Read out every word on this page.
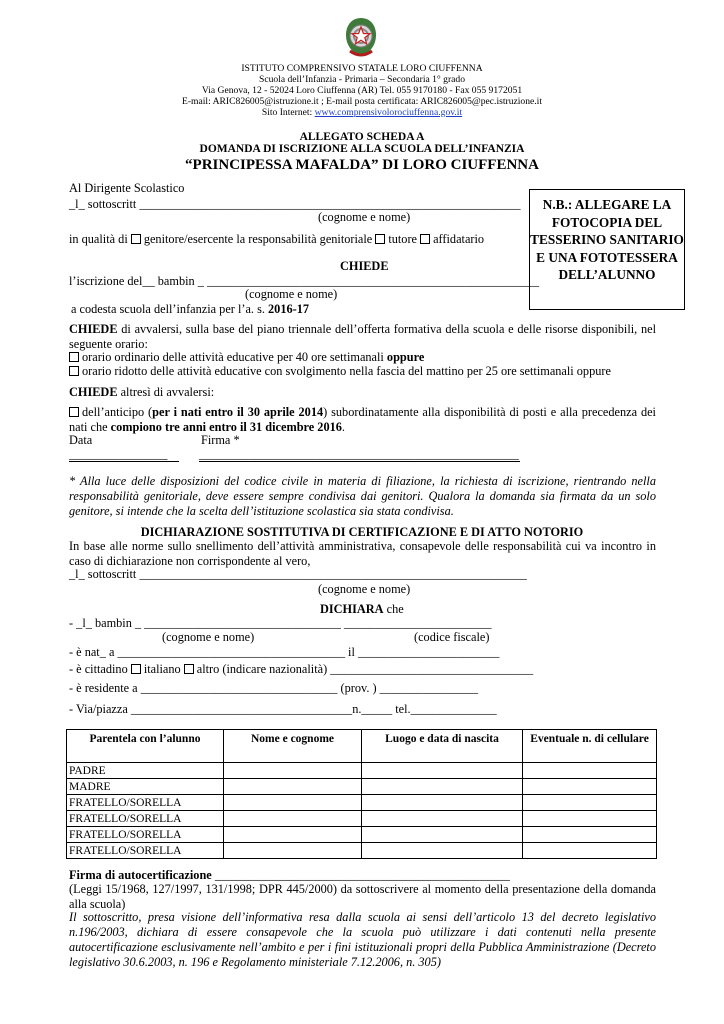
ISTITUTO COMPRENSIVO STATALE LORO CIUFFENNA
Scuola dell’Infanzia - Primaria – Secondaria 1° grado
Via Genova, 12 - 52024 Loro Ciuffenna (AR) Tel. 055 9170180 - Fax 055 9172051
E-mail: ARIC826005@istruzione.it ; E-mail posta certificata: ARIC826005@pec.istruzione.it
Sito Internet: www.comprensivolorociuffenna.gov.it
ALLEGATO SCHEDA A
DOMANDA DI ISCRIZIONE ALLA SCUOLA DELL’INFANZIA
“PRINCIPESSA MAFALDA” DI LORO CIUFFENNA
N.B.: ALLEGARE LA FOTOCOPIA DEL TESSERINO SANITARIO E UNA FOTOTESSERA DELL’ALUNNO
Al Dirigente Scolastico
_l_ sottoscritt ______________________________________________________________
(cognome e nome)
in qualità di genitore/esercente la responsabilità genitoriale tutore affidatario
CHIEDE
l’iscrizione del__ bambin _ ______________________________________________________
(cognome e nome)
a codesta scuola dell’infanzia per l’a. s. 2016-17
CHIEDE di avvalersi, sulla base del piano triennale dell’offerta formativa della scuola e delle risorse disponibili, nel seguente orario:
orario ordinario delle attività educative per 40 ore settimanali oppure
orario ridotto delle attività educative con svolgimento nella fascia del mattino per 25 ore settimanali oppure
CHIEDE altresì di avvalersi:
dell’anticipo (per i nati entro il 30 aprile 2014) subordinatamente alla disponibilità di posti e alla precedenza dei nati che compiono tre anni entro il 31 dicembre 2016.
Data	Firma *
________________	____________________________________________________
* Alla luce delle disposizioni del codice civile in materia di filiazione, la richiesta di iscrizione, rientrando nella responsabilità genitoriale, deve essere sempre condivisa dai genitori. Qualora la domanda sia firmata da un solo genitore, si intende che la scelta dell’istituzione scolastica sia stata condivisa.
DICHIARAZIONE SOSTITUTIVA DI CERTIFICAZIONE E DI ATTO NOTORIO
In base alle norme sullo snellimento dell’attività amministrativa, consapevole delle responsabilità cui va incontro in caso di dichiarazione non corrispondente al vero,
_l_ sottoscritt _______________________________________________________________
(cognome e nome)
DICHIARA che
- _l_ bambin _ ________________________________ ________________________
(cognome e nome)	(codice fiscale)
- è nat_ a _____________________________________ il _______________________
- è cittadino italiano altro (indicare nazionalità) _________________________________
- è residente a ________________________________ (prov. ) ________________
- Via/piazza ____________________________________n._____ tel.______________
Parentela con l’alunno	Nome e cognome	Luogo e data di nascita	Eventuale n. di cellulare
PADRE			
MADRE			
FRATELLO/SORELLA			
FRATELLO/SORELLA			
FRATELLO/SORELLA			
FRATELLO/SORELLA			
Firma di autocertificazione ________________________________________________
(Leggi 15/1968, 127/1997, 131/1998; DPR 445/2000) da sottoscrivere al momento della presentazione della domanda alla scuola)
Il sottoscritto, presa visione dell’informativa resa dalla scuola ai sensi dell’articolo 13 del decreto legislativo n.196/2003, dichiara di essere consapevole che la scuola può utilizzare i dati contenuti nella presente autocertificazione esclusivamente nell’ambito e per i fini istituzionali propri della Pubblica Amministrazione (Decreto legislativo 30.6.2003, n. 196 e Regolamento ministeriale 7.12.2006, n. 305)
